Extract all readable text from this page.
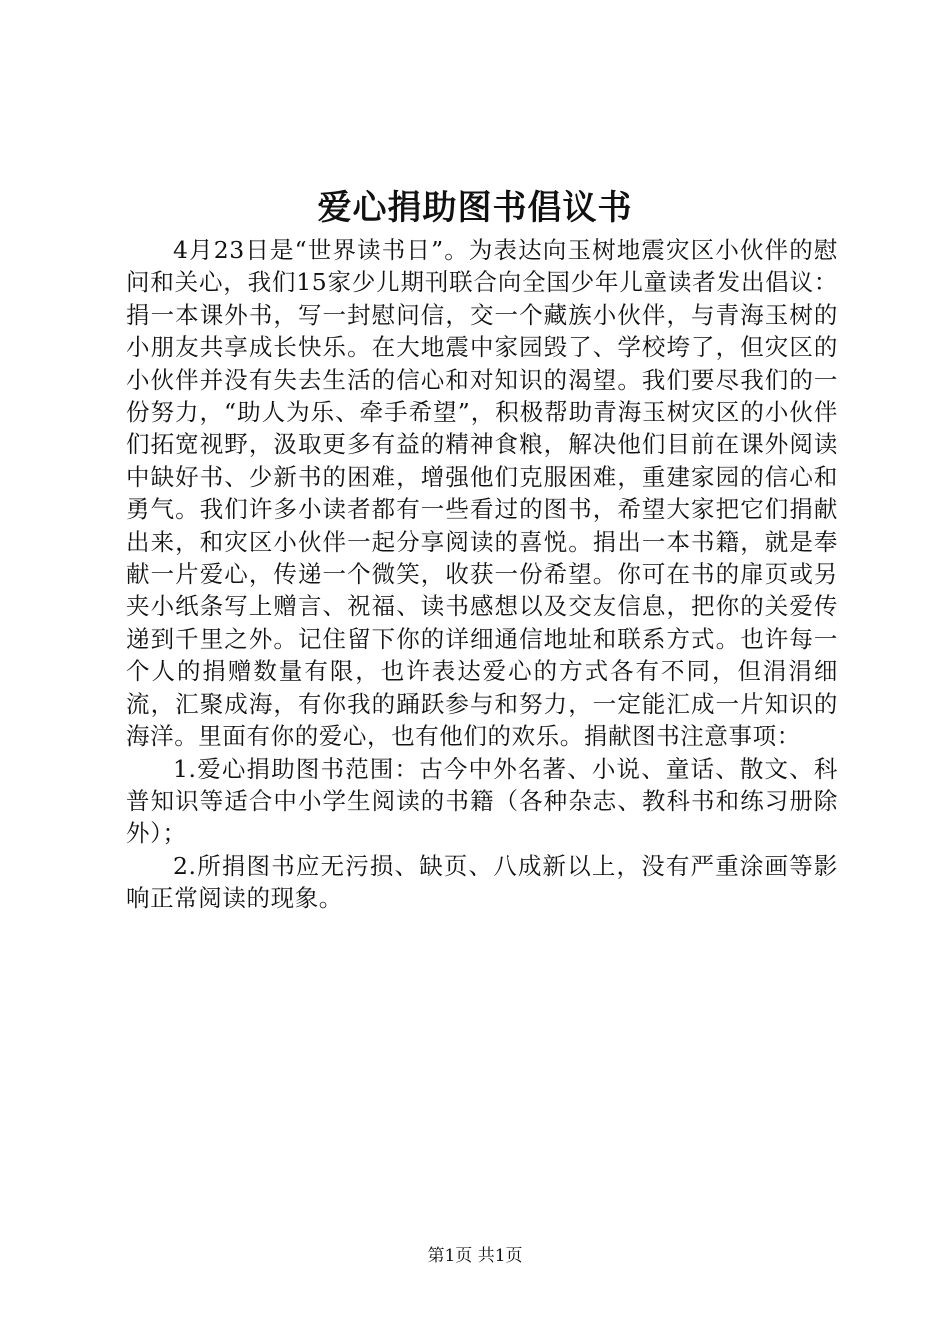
爱心捐助图书倡议书

4月23日是“世界读书日”。为表达向玉树地震灾区小伙伴的慰问和关心，我们15家少儿期刊联合向全国少年儿童读者发出倡议：捐一本课外书，写一封慰问信，交一个藏族小伙伴，与青海玉树的小朋友共享成长快乐。在大地震中家园毁了、学校垮了，但灾区的小伙伴并没有失去生活的信心和对知识的渴望。我们要尽我们的一份努力，“助人为乐、牵手希望”，积极帮助青海玉树灾区的小伙伴们拓宽视野，汲取更多有益的精神食粮，解决他们目前在课外阅读中缺好书、少新书的困难，增强他们克服困难，重建家园的信心和勇气。我们许多小读者都有一些看过的图书，希望大家把它们捐献出来，和灾区小伙伴一起分享阅读的喜悦。捐出一本书籍，就是奉献一片爱心，传递一个微笑，收获一份希望。你可在书的扉页或另夹小纸条写上赠言、祝福、读书感想以及交友信息，把你的关爱传递到千里之外。记住留下你的详细通信地址和联系方式。也许每一个人的捐赠数量有限，也许表达爱心的方式各有不同，但涓涓细流，汇聚成海，有你我的踊跃参与和努力，一定能汇成一片知识的海洋。里面有你的爱心，也有他们的欢乐。捐献图书注意事项：

1.爱心捐助图书范围：古今中外名著、小说、童话、散文、科普知识等适合中小学生阅读的书籍（各种杂志、教科书和练习册除外）；

2.所捐图书应无污损、缺页、八成新以上，没有严重涂画等影响正常阅读的现象。

第1页 共1页
